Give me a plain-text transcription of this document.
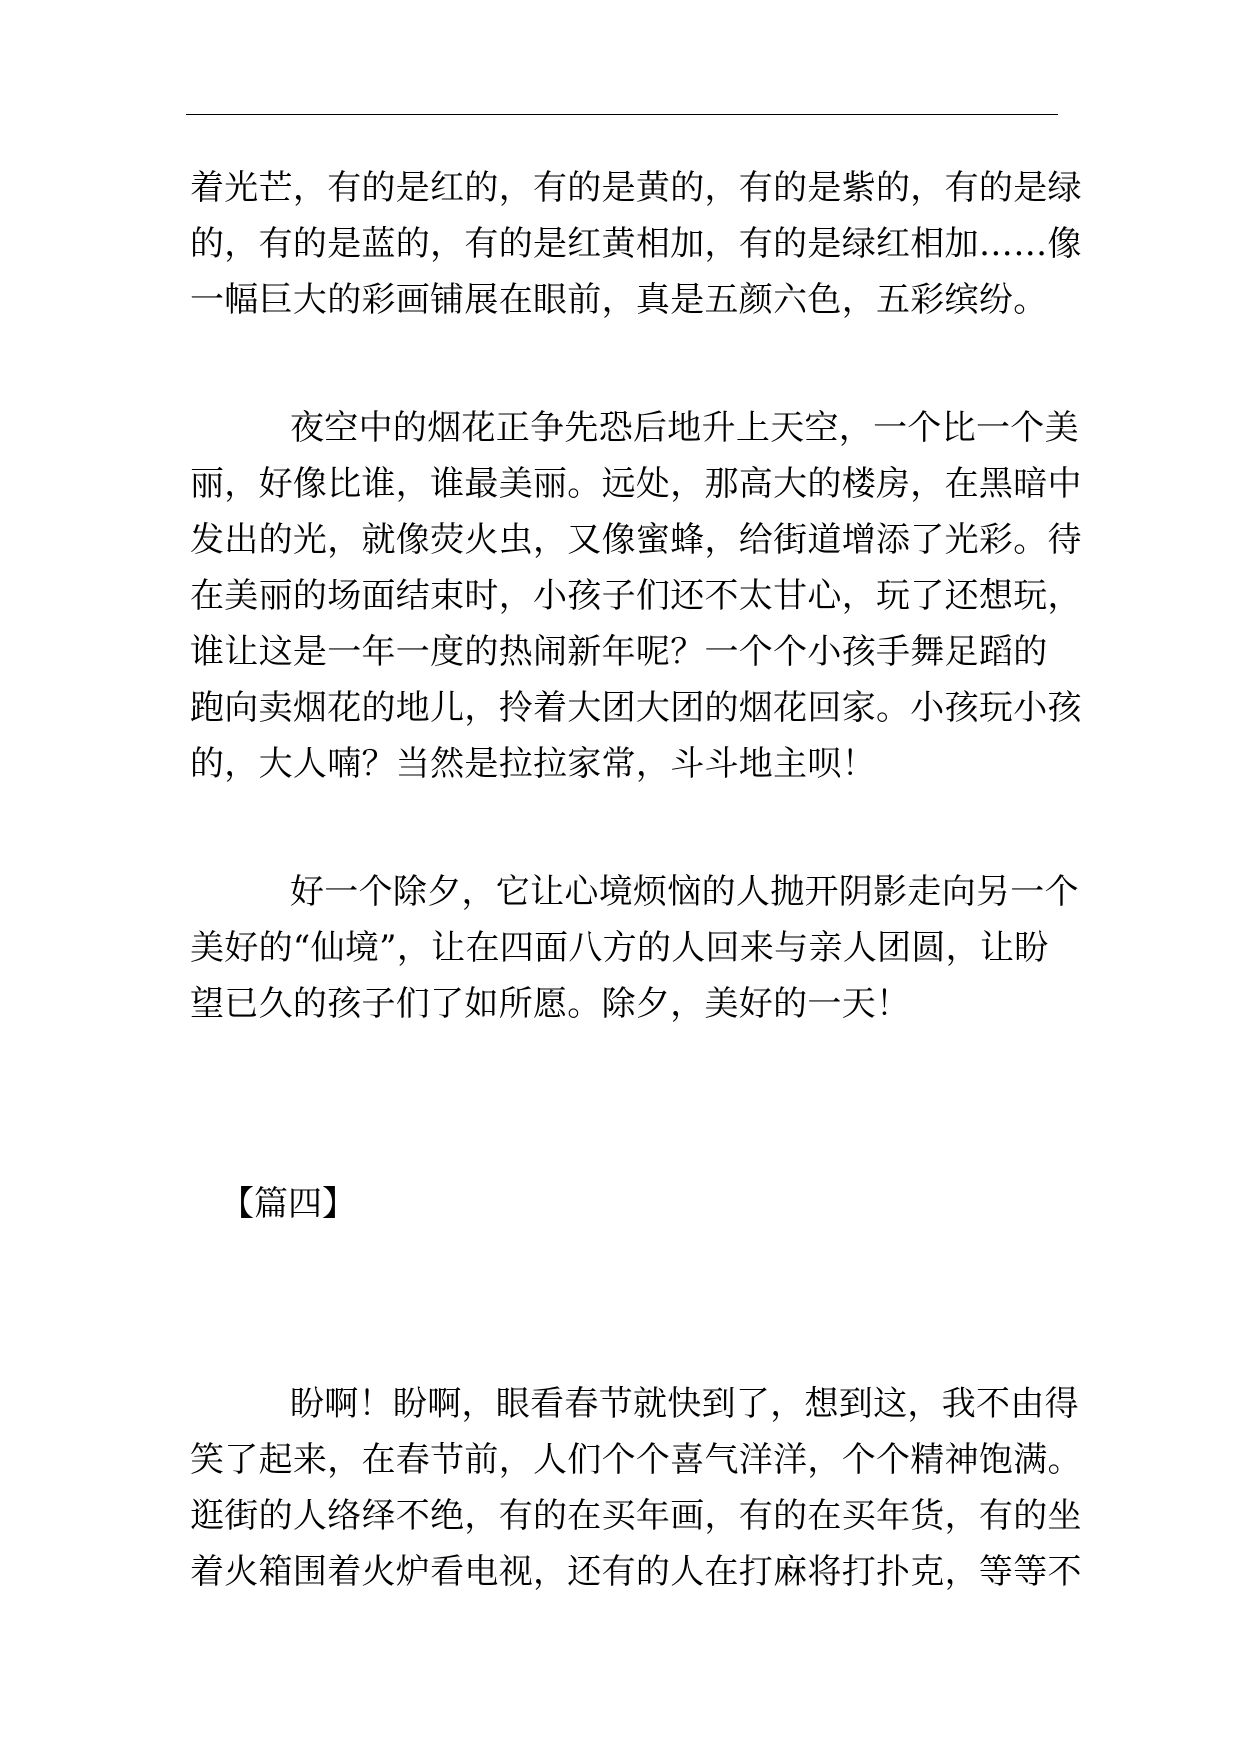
着光芒，有的是红的，有的是黄的，有的是紫的，有的是绿
的，有的是蓝的，有的是红黄相加，有的是绿红相加……像
一幅巨大的彩画铺展在眼前，真是五颜六色，五彩缤纷。
夜空中的烟花正争先恐后地升上天空，一个比一个美
丽，好像比谁，谁最美丽。远处，那高大的楼房，在黑暗中
发出的光，就像荧火虫，又像蜜蜂，给街道增添了光彩。待
在美丽的场面结束时，小孩子们还不太甘心，玩了还想玩，
谁让这是一年一度的热闹新年呢？一个个小孩手舞足蹈的
跑向卖烟花的地儿，拎着大团大团的烟花回家。小孩玩小孩
的，大人喃？当然是拉拉家常，斗斗地主呗！
好一个除夕，它让心境烦恼的人抛开阴影走向另一个
美好的“仙境”，让在四面八方的人回来与亲人团圆，让盼
望已久的孩子们了如所愿。除夕，美好的一天！
【篇四】
盼啊！盼啊，眼看春节就快到了，想到这，我不由得
笑了起来，在春节前，人们个个喜气洋洋，个个精神饱满。
逛街的人络绎不绝，有的在买年画，有的在买年货，有的坐
着火箱围着火炉看电视，还有的人在打麻将打扑克，等等不
